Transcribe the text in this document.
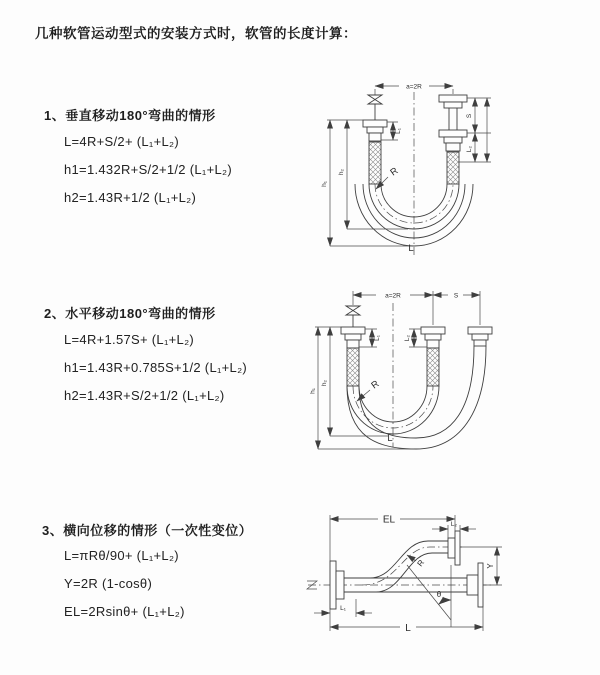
几种软管运动型式的安装方式时，软管的长度计算：
1、垂直移动180°弯曲的情形
L=4R+S/2+ (L₁+L₂)
h1=1.432R+S/2+1/2 (L₁+L₂)
h2=1.43R+1/2 (L₁+L₂)
2、水平移动180°弯曲的情形
L=4R+1.57S+ (L₁+L₂)
h1=1.43R+0.785S+1/2 (L₁+L₂)
h2=1.43R+S/2+1/2 (L₁+L₂)
3、横向位移的情形（一次性变位）
L=πRθ/90+ (L₁+L₂)
Y=2R (1-cosθ)
EL=2Rsinθ+ (L₁+L₂)
a=2R
h₁
h₂
L₁
S
L₂
R
L
a=2R	S
h₁
h₂
L₁	L₂
R
L
EL	L₂
Y
L₁
L
θ
R
